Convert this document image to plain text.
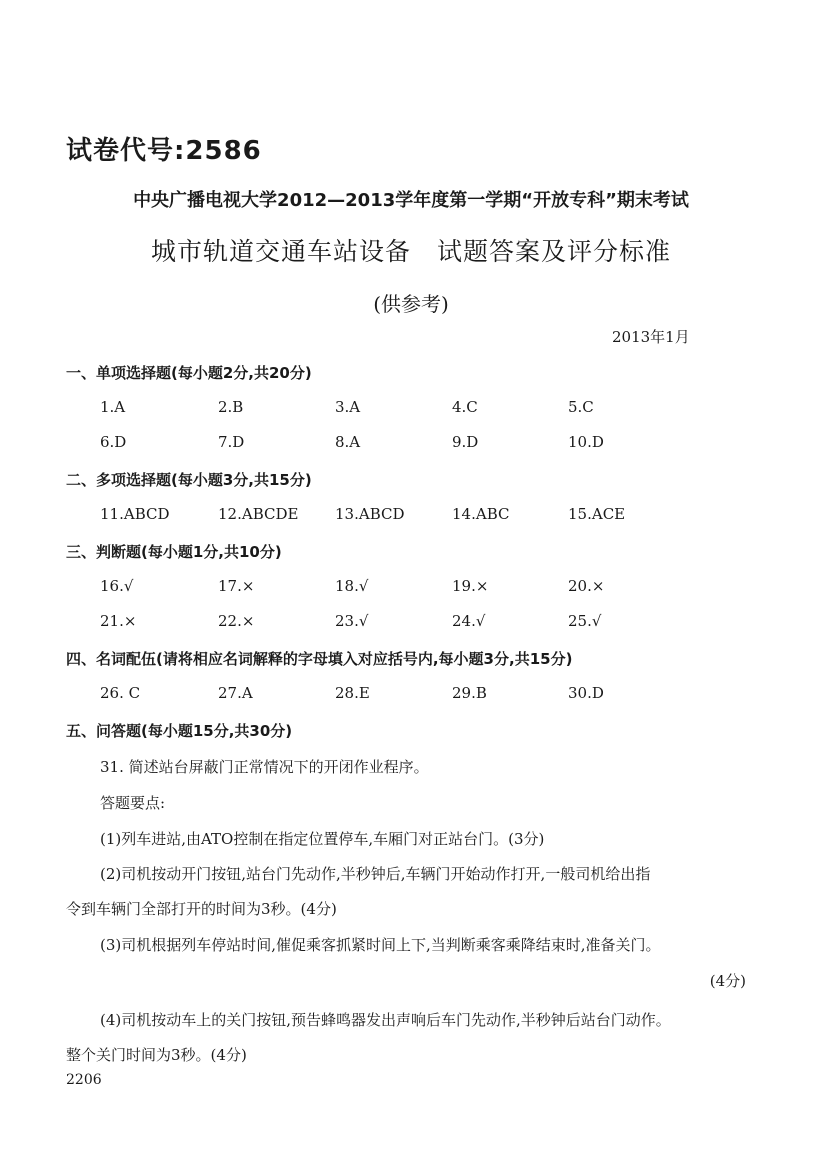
试卷代号:2586
中央广播电视大学2012—2013学年度第一学期“开放专科”期末考试
城市轨道交通车站设备　试题答案及评分标准
(供参考)
2013年1月
一、单项选择题(每小题2分,共20分)
1.A	2.B	3.A	4.C	5.C
6.D	7.D	8.A	9.D	10.D
二、多项选择题(每小题3分,共15分)
11.ABCD	12.ABCDE 13.ABCD	14.ABC	15.ACE
三、判断题(每小题1分,共10分)
16.√	17.×	18.√	19.×	20.×
21.×	22.×	23.√	24.√	25.√
四、名词配伍(请将相应名词解释的字母填入对应括号内,每小题3分,共15分)
26. C	27.A	28.E	29.B	30.D
五、问答题(每小题15分,共30分)
31. 简述站台屏蔽门正常情况下的开闭作业程序。
答题要点:
(1)列车进站,由ATO控制在指定位置停车,车厢门对正站台门。(3分)
(2)司机按动开门按钮,站台门先动作,半秒钟后,车辆门开始动作打开,一般司机给出指
令到车辆门全部打开的时间为3秒。(4分)
(3)司机根据列车停站时间,催促乘客抓紧时间上下,当判断乘客乘降结束时,准备关门。
(4分)
(4)司机按动车上的关门按钮,预告蜂鸣器发出声响后车门先动作,半秒钟后站台门动作。
整个关门时间为3秒。(4分)
2206
